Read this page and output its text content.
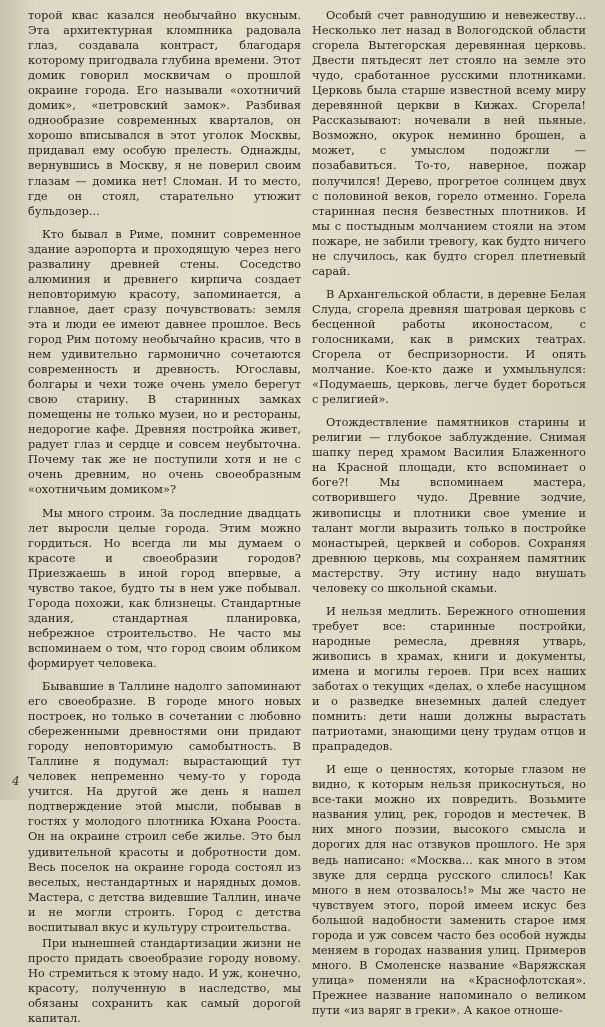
торой квас казался необычайно вкусным. Эта архитектурная кломпника радовала глаз, создавала контраст, благодаря которому пригодвала глубина времени. Этот домик говорил москвичам о прошлой окраине города. Его называли «охотничий домик», «петровский замок». Разбивая однообразие современных кварталов, он хорошо вписывался в этот уголок Москвы, придавал ему особую прелесть. Однажды, вернувшись в Москву, я не поверил своим глазам — домика нет! Сломан. И то место, где он стоял, старательно утюжит бульдозер...

Кто бывал в Риме, помнит современное здание аэропорта и проходящую через него развалину древней стены. Соседство алюминия и древнего кирпича создает неповторимую красоту, запоминается, а главное, дает сразу почувствовать: земля эта и люди ее имеют давнее прошлое. Весь город Рим потому необычайно красив, что в нем удивительно гармонично сочетаются современность и древность. Югославы, болгары и чехи тоже очень умело берегут свою старину. В старинных замках помещены не только музеи, но и рестораны, недорогие кафе. Древняя постройка живет, радует глаз и сердце и совсем неубыточна. Почему так же не поступили хотя и не с очень древним, но очень своеобразным «охотничьим домиком»?

Мы много строим. За последние двадцать лет выросли целые города. Этим можно гордиться. Но всегда ли мы думаем о красоте и своеобразии городов? Приезжаешь в иной город впервые, а чувство такое, будто ты в нем уже побывал. Города похожи, как близнецы. Стандартные здания, стандартная планировка, небрежное строительство. Не часто мы вспоминаем о том, что город своим обликом формирует человека.

Бывавшие в Таллине надолго запоминают его своеобразие. В городе много новых построек, но только в сочетании с любовно сбереженными древностями они придают городу неповторимую самобытность. В Таллине я подумал: вырастающий тут человек непременно чему-то у города учится. На другой же день я нашел подтверждение этой мысли, побывав в гостях у молодого плотника Юхана Рооста. Он на окраине строил себе жилье. Это был удивительной красоты и добротности дом. Весь поселок на окраине города состоял из веселых, нестандартных и нарядных домов. Мастера, с детства видевшие Таллин, иначе и не могли строить. Город с детства воспитывал вкус и культуру строительства.

При нынешней стандартизации жизни не просто придать своеобразие городу новому. Но стремиться к этому надо. И уж, конечно, красоту, полученную в наследство, мы обязаны сохранить как самый дорогой капитал.

Особый счет равнодушию и невежеству... Несколько лет назад в Вологодской области сгорела Вытегорская деревянная церковь. Двести пятьдесят лет стояло на земле это чудо, сработанное русскими плотниками. Церковь была старше известной всему миру деревянной церкви в Кижах. Сгорела! Рассказывают: ночевали в ней пьяные. Возможно, окурок неминно брошен, а может, с умыслом подожгли — позабавиться. То-то, наверное, пожар получился! Дерево, прогретое солнцем двух с половиной веков, горело отменно. Горела старинная песня безвестных плотников. И мы с постыдным молчанием стояли на этом пожаре, не забили тревогу, как будто ничего не случилось, как будто сгорел плетневый сарай.

В Архангельской области, в деревне Белая Слуда, сгорела древняя шатровая церковь с бесценной работы иконостасом, с голосниками, как в римских театрах. Сгорела от беспризорности. И опять молчание. Кое-кто даже и ухмыльнулся: «Подумаешь, церковь, легче будет бороться с религией».

Отождествление памятников старины и религии — глубокое заблуждение. Снимая шапку перед храмом Василия Блаженного на Красной площади, кто вспоминает о боге?! Мы вспоминаем мастера, сотворившего чудо. Древние зодчие, живописцы и плотники свое умение и талант могли выразить только в постройке монастырей, церквей и соборов. Сохраняя древнюю церковь, мы сохраняем памятник мастерству. Эту истину надо внушать человеку со школьной скамьи.

И нельзя медлить. Бережного отношения требует все: старинные постройки, народные ремесла, древняя утварь, живопись в храмах, книги и документы, имена и могилы героев. При всех наших заботах о текущих «делах, о хлебе насущном и о разведке внеземных далей следует помнить: дети наши должны вырастать патриотами, знающими цену трудам отцов и прапрадедов.

И еще о ценностях, которые глазом не видно, к которым нельзя прикоснуться, но все-таки можно их повредить. Возьмите названия улиц, рек, городов и местечек. В них много поэзии, высокого смысла и дорогих для нас отзвуков прошлого. Не зря ведь написано: «Москва... как много в этом звуке для сердца русского слилось! Как много в нем отозвалось!» Мы же часто не чувствуем этого, порой имеем искус без большой надобности заменить старое имя города и уж совсем часто без особой нужды меняем в городах названия улиц. Примеров много. В Смоленске название «Варяжская улица» поменяли на «Краснофлотская». Прежнее название напоминало о великом пути «из варяг в греки». А какое отноше-

4
